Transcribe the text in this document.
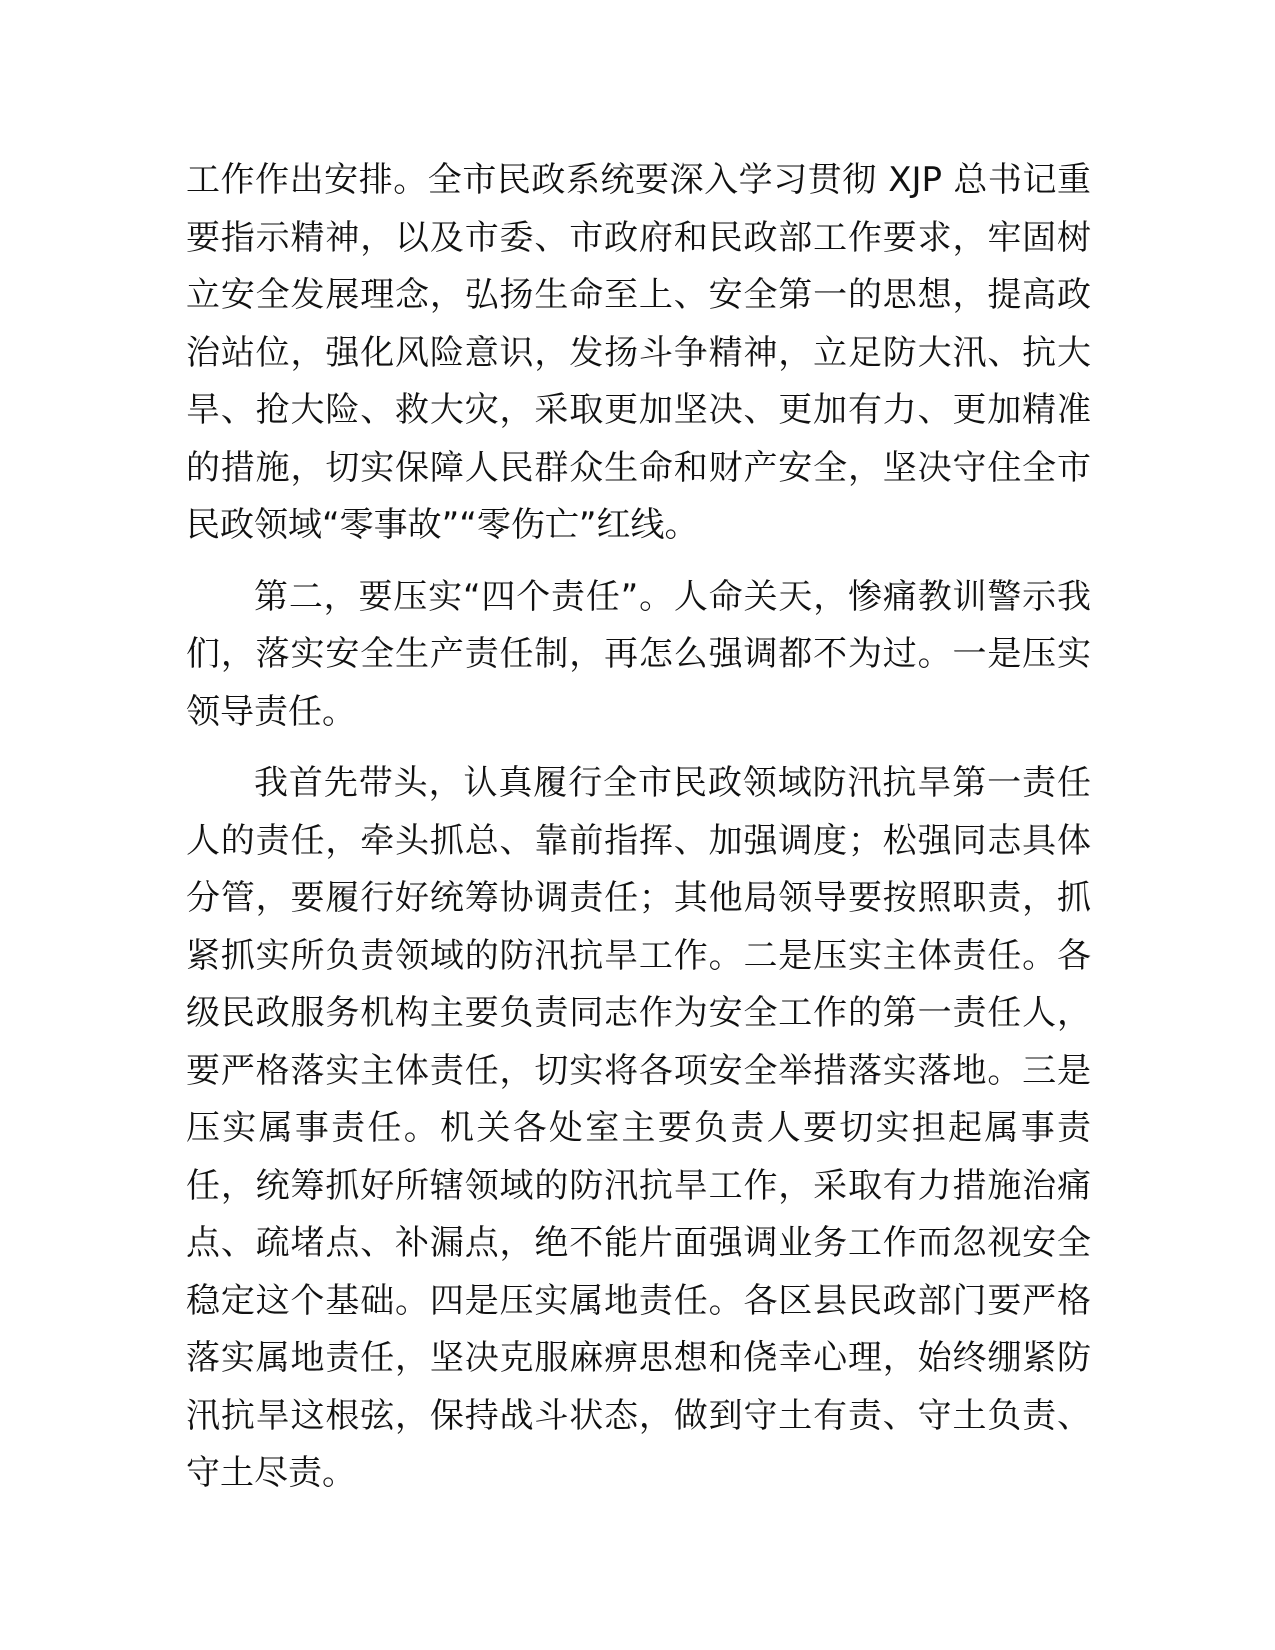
工作作出安排。全市民政系统要深入学习贯彻 XJP 总书记重要指示精神，以及市委、市政府和民政部工作要求，牢固树立安全发展理念，弘扬生命至上、安全第一的思想，提高政治站位，强化风险意识，发扬斗争精神，立足防大汛、抗大旱、抢大险、救大灾，采取更加坚决、更加有力、更加精准的措施，切实保障人民群众生命和财产安全，坚决守住全市民政领域“零事故”“零伤亡”红线。

第二，要压实“四个责任”。人命关天，惨痛教训警示我们，落实安全生产责任制，再怎么强调都不为过。一是压实领导责任。

我首先带头，认真履行全市民政领域防汛抗旱第一责任人的责任，牵头抓总、靠前指挥、加强调度；松强同志具体分管，要履行好统筹协调责任；其他局领导要按照职责，抓紧抓实所负责领域的防汛抗旱工作。二是压实主体责任。各级民政服务机构主要负责同志作为安全工作的第一责任人，要严格落实主体责任，切实将各项安全举措落实落地。三是压实属事责任。机关各处室主要负责人要切实担起属事责任，统筹抓好所辖领域的防汛抗旱工作，采取有力措施治痛点、疏堵点、补漏点，绝不能片面强调业务工作而忽视安全稳定这个基础。四是压实属地责任。各区县民政部门要严格落实属地责任，坚决克服麻痹思想和侥幸心理，始终绷紧防汛抗旱这根弦，保持战斗状态，做到守土有责、守土负责、守土尽责。
